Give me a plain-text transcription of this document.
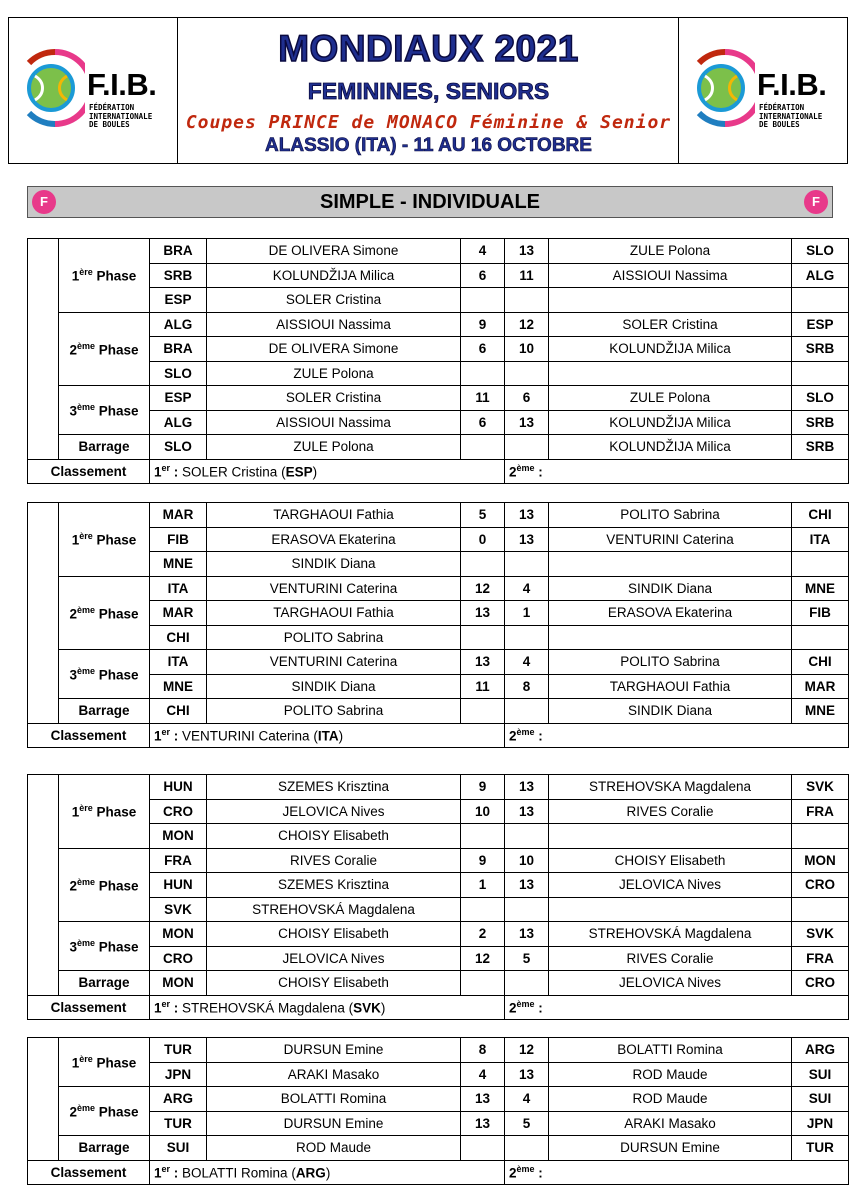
F.I.B.
FÉDÉRATION
INTERNATIONALE
DE BOULES
MONDIAUX 2021
FEMININES, SENIORS
Coupes PRINCE de MONACO Féminine & Senior
ALASSIO (ITA) - 11 AU 16 OCTOBRE
F.I.B.
FÉDÉRATION
INTERNATIONALE
DE BOULES
F	SIMPLE - INDIVIDUALE	F
POULE	1ère Phase	BRA	DE OLIVERA Simone	4	13	ZULE Polona	SLO
		SRB	KOLUNDŽIJA Milica	6	11	AISSIOUI Nassima	ALG
		ESP	SOLER Cristina				
	2ème Phase	ALG	AISSIOUI Nassima	9	12	SOLER Cristina	ESP
		BRA	DE OLIVERA Simone	6	10	KOLUNDŽIJA Milica	SRB
		SLO	ZULE Polona				
	3ème Phase	ESP	SOLER Cristina	11	6	ZULE Polona	SLO
		ALG	AISSIOUI Nassima	6	13	KOLUNDŽIJA Milica	SRB
	Barrage	SLO	ZULE Polona			KOLUNDŽIJA Milica	SRB
Classement		1er : SOLER Cristina (ESP)			2ème :		
	1ère Phase	MAR	TARGHAOUI Fathia	5	13	POLITO Sabrina	CHI
		FIB	ERASOVA Ekaterina	0	13	VENTURINI Caterina	ITA
		MNE	SINDIK Diana				
	2ème Phase	ITA	VENTURINI Caterina	12	4	SINDIK Diana	MNE
		MAR	TARGHAOUI Fathia	13	1	ERASOVA Ekaterina	FIB
		CHI	POLITO Sabrina				
	3ème Phase	ITA	VENTURINI Caterina	13	4	POLITO Sabrina	CHI
		MNE	SINDIK Diana	11	8	TARGHAOUI Fathia	MAR
	Barrage	CHI	POLITO Sabrina			SINDIK Diana	MNE
Classement		1er : VENTURINI Caterina (ITA)			2ème :		
	1ère Phase	HUN	SZEMES Krisztina	9	13	STREHOVSKA Magdalena	SVK
		CRO	JELOVICA Nives	10	13	RIVES Coralie	FRA
		MON	CHOISY Elisabeth				
	2ème Phase	FRA	RIVES Coralie	9	10	CHOISY Elisabeth	MON
		HUN	SZEMES Krisztina	1	13	JELOVICA Nives	CRO
		SVK	STREHOVSKÁ Magdalena				
	3ème Phase	MON	CHOISY Elisabeth	2	13	STREHOVSKÁ Magdalena	SVK
		CRO	JELOVICA Nives	12	5	RIVES Coralie	FRA
	Barrage	MON	CHOISY Elisabeth			JELOVICA Nives	CRO
Classement		1er : STREHOVSKÁ Magdalena (SVK)			2ème :		
	1ère Phase	TUR	DURSUN Emine	8	12	BOLATTI Romina	ARG
		JPN	ARAKI Masako	4	13	ROD Maude	SUI
	2ème Phase	ARG	BOLATTI Romina	13	4	ROD Maude	SUI
		TUR	DURSUN Emine	13	5	ARAKI Masako	JPN
	Barrage	SUI	ROD Maude			DURSUN Emine	TUR
Classement		1er : BOLATTI Romina (ARG)			2ème :		
